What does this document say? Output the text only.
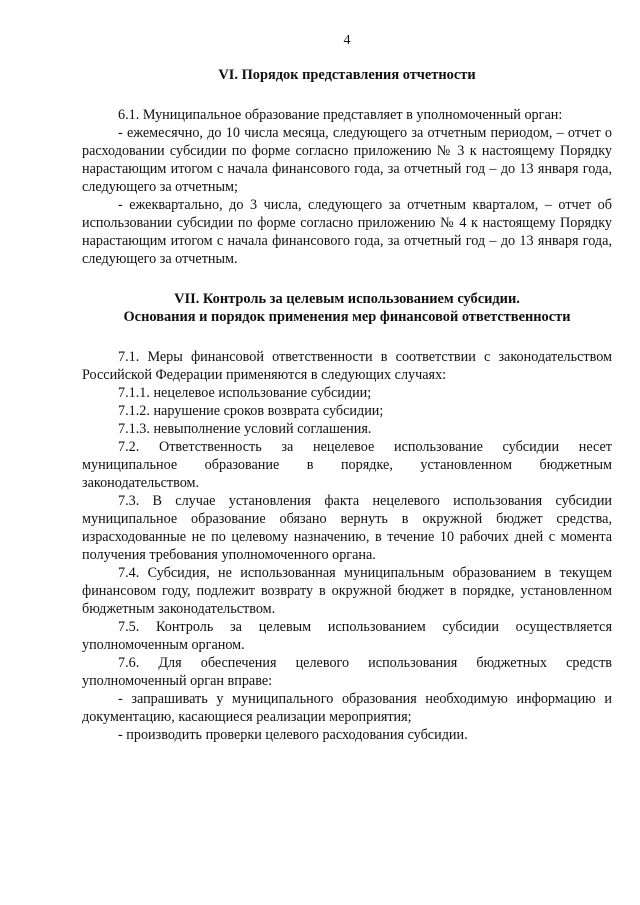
4
VI. Порядок представления отчетности

6.1. Муниципальное образование представляет в уполномоченный орган:

- ежемесячно, до 10 числа месяца, следующего за отчетным периодом, – отчет о расходовании субсидии по форме согласно приложению № 3 к настоящему Порядку нарастающим итогом с начала финансового года, за отчетный год – до 13 января года, следующего за отчетным;

- ежеквартально, до 3 числа, следующего за отчетным кварталом, – отчет об использовании субсидии по форме согласно приложению № 4 к настоящему Порядку нарастающим итогом с начала финансового года, за отчетный год – до 13 января года, следующего за отчетным.

VII. Контроль за целевым использованием субсидии.
Основания и порядок применения мер финансовой ответственности

7.1. Меры финансовой ответственности в соответствии с законодательством Российской Федерации применяются в следующих случаях:

7.1.1. нецелевое использование субсидии;

7.1.2. нарушение сроков возврата субсидии;

7.1.3. невыполнение условий соглашения.

7.2. Ответственность за нецелевое использование субсидии несет муниципальное образование в порядке, установленном бюджетным законодательством.

7.3. В случае установления факта нецелевого использования субсидии муниципальное образование обязано вернуть в окружной бюджет средства, израсходованные не по целевому назначению, в течение 10 рабочих дней с момента получения требования уполномоченного органа.

7.4. Субсидия, не использованная муниципальным образованием в текущем финансовом году, подлежит возврату в окружной бюджет в порядке, установленном бюджетным законодательством.

7.5. Контроль за целевым использованием субсидии осуществляется уполномоченным органом.

7.6. Для обеспечения целевого использования бюджетных средств уполномоченный орган вправе:

- запрашивать у муниципального образования необходимую информацию и документацию, касающиеся реализации мероприятия;

- производить проверки целевого расходования субсидии.
